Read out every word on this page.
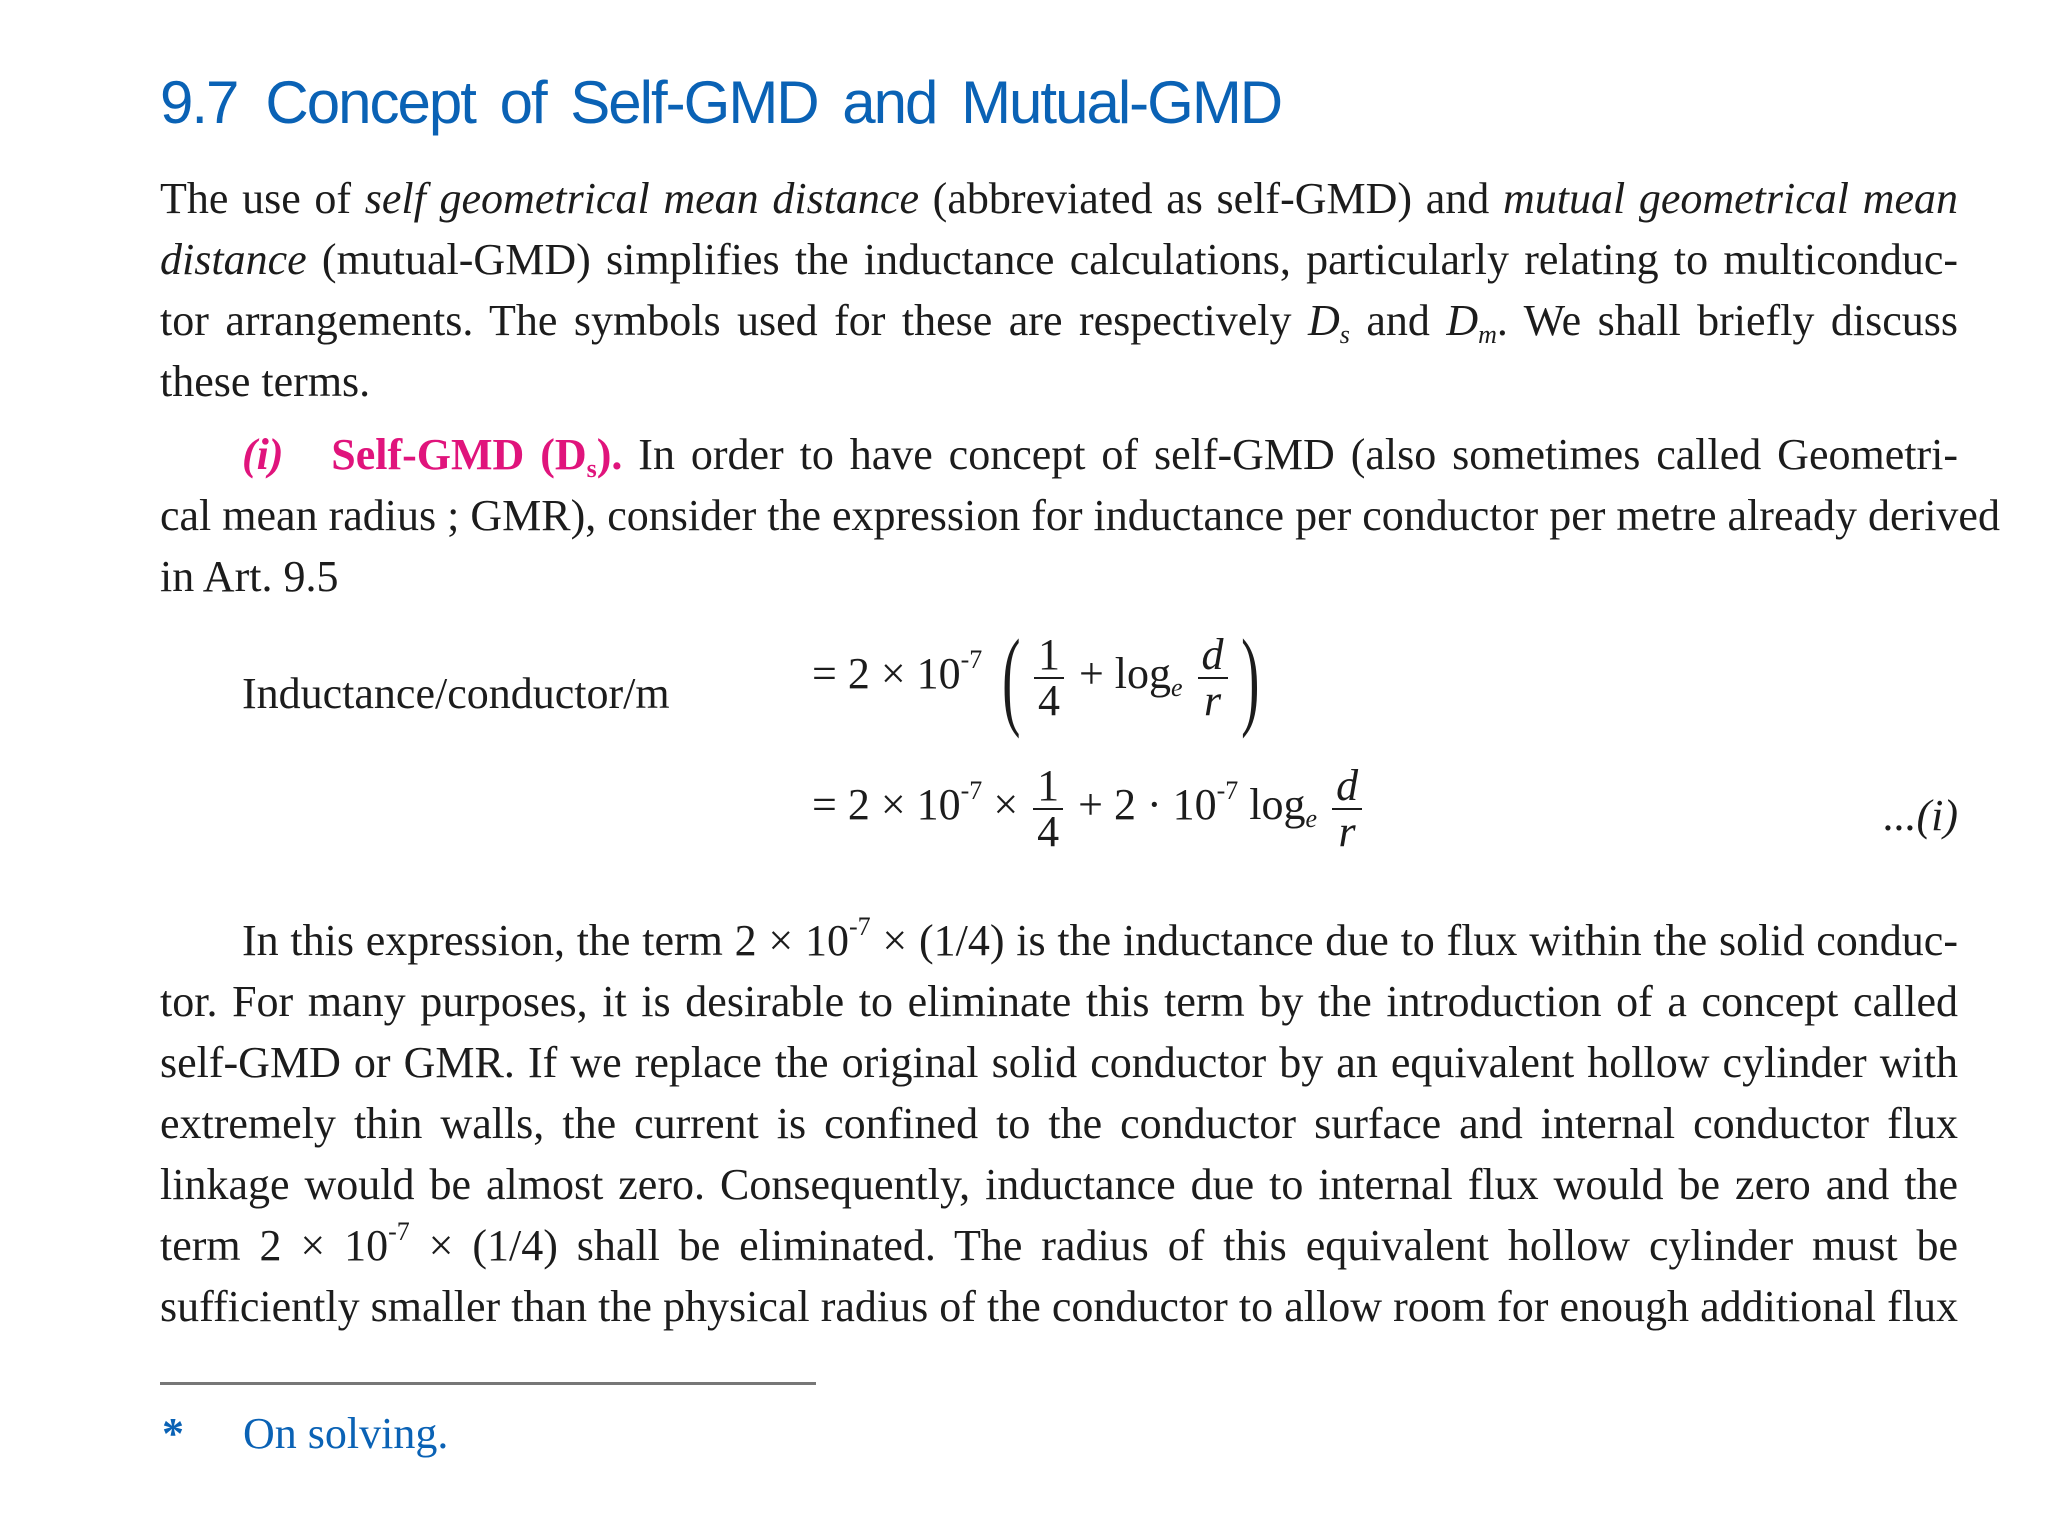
9.7 Concept of Self-GMD and Mutual-GMD
The use of self geometrical mean distance (abbreviated as self-GMD) and mutual geometrical mean
distance (mutual-GMD) simplifies the inductance calculations, particularly relating to multiconduc-
tor arrangements. The symbols used for these are respectively $D_s$ and $D_m$. We shall briefly discuss
these terms.
(i) Self-GMD $(D_s)$. In order to have concept of self-GMD (also sometimes called Geometri-
cal mean radius ; GMR), consider the expression for inductance per conductor per metre already derived
in Art. 9.5
Inductance/conductor/m	= $2 \times 10^{-7}$ ( $\frac{1}{4} + \log_e \frac{d}{r}$ )
= $2 \times 10^{-7} \times \frac{1}{4} + 2 \cdot 10^{-7}$ $\log_e \frac{d}{r}$	...(i)
In this expression, the term $2 \times 10^{-7} \times (1/4)$ is the inductance due to flux within the solid conduc-
tor. For many purposes, it is desirable to eliminate this term by the introduction of a concept called
self-GMD or GMR. If we replace the original solid conductor by an equivalent hollow cylinder with
extremely thin walls, the current is confined to the conductor surface and internal conductor flux
linkage would be almost zero. Consequently, inductance due to internal flux would be zero and the
term $2 \times 10^{-7} \times (1/4)$ shall be eliminated. The radius of this equivalent hollow cylinder must be
sufficiently smaller than the physical radius of the conductor to allow room for enough additional flux
* On solving.
